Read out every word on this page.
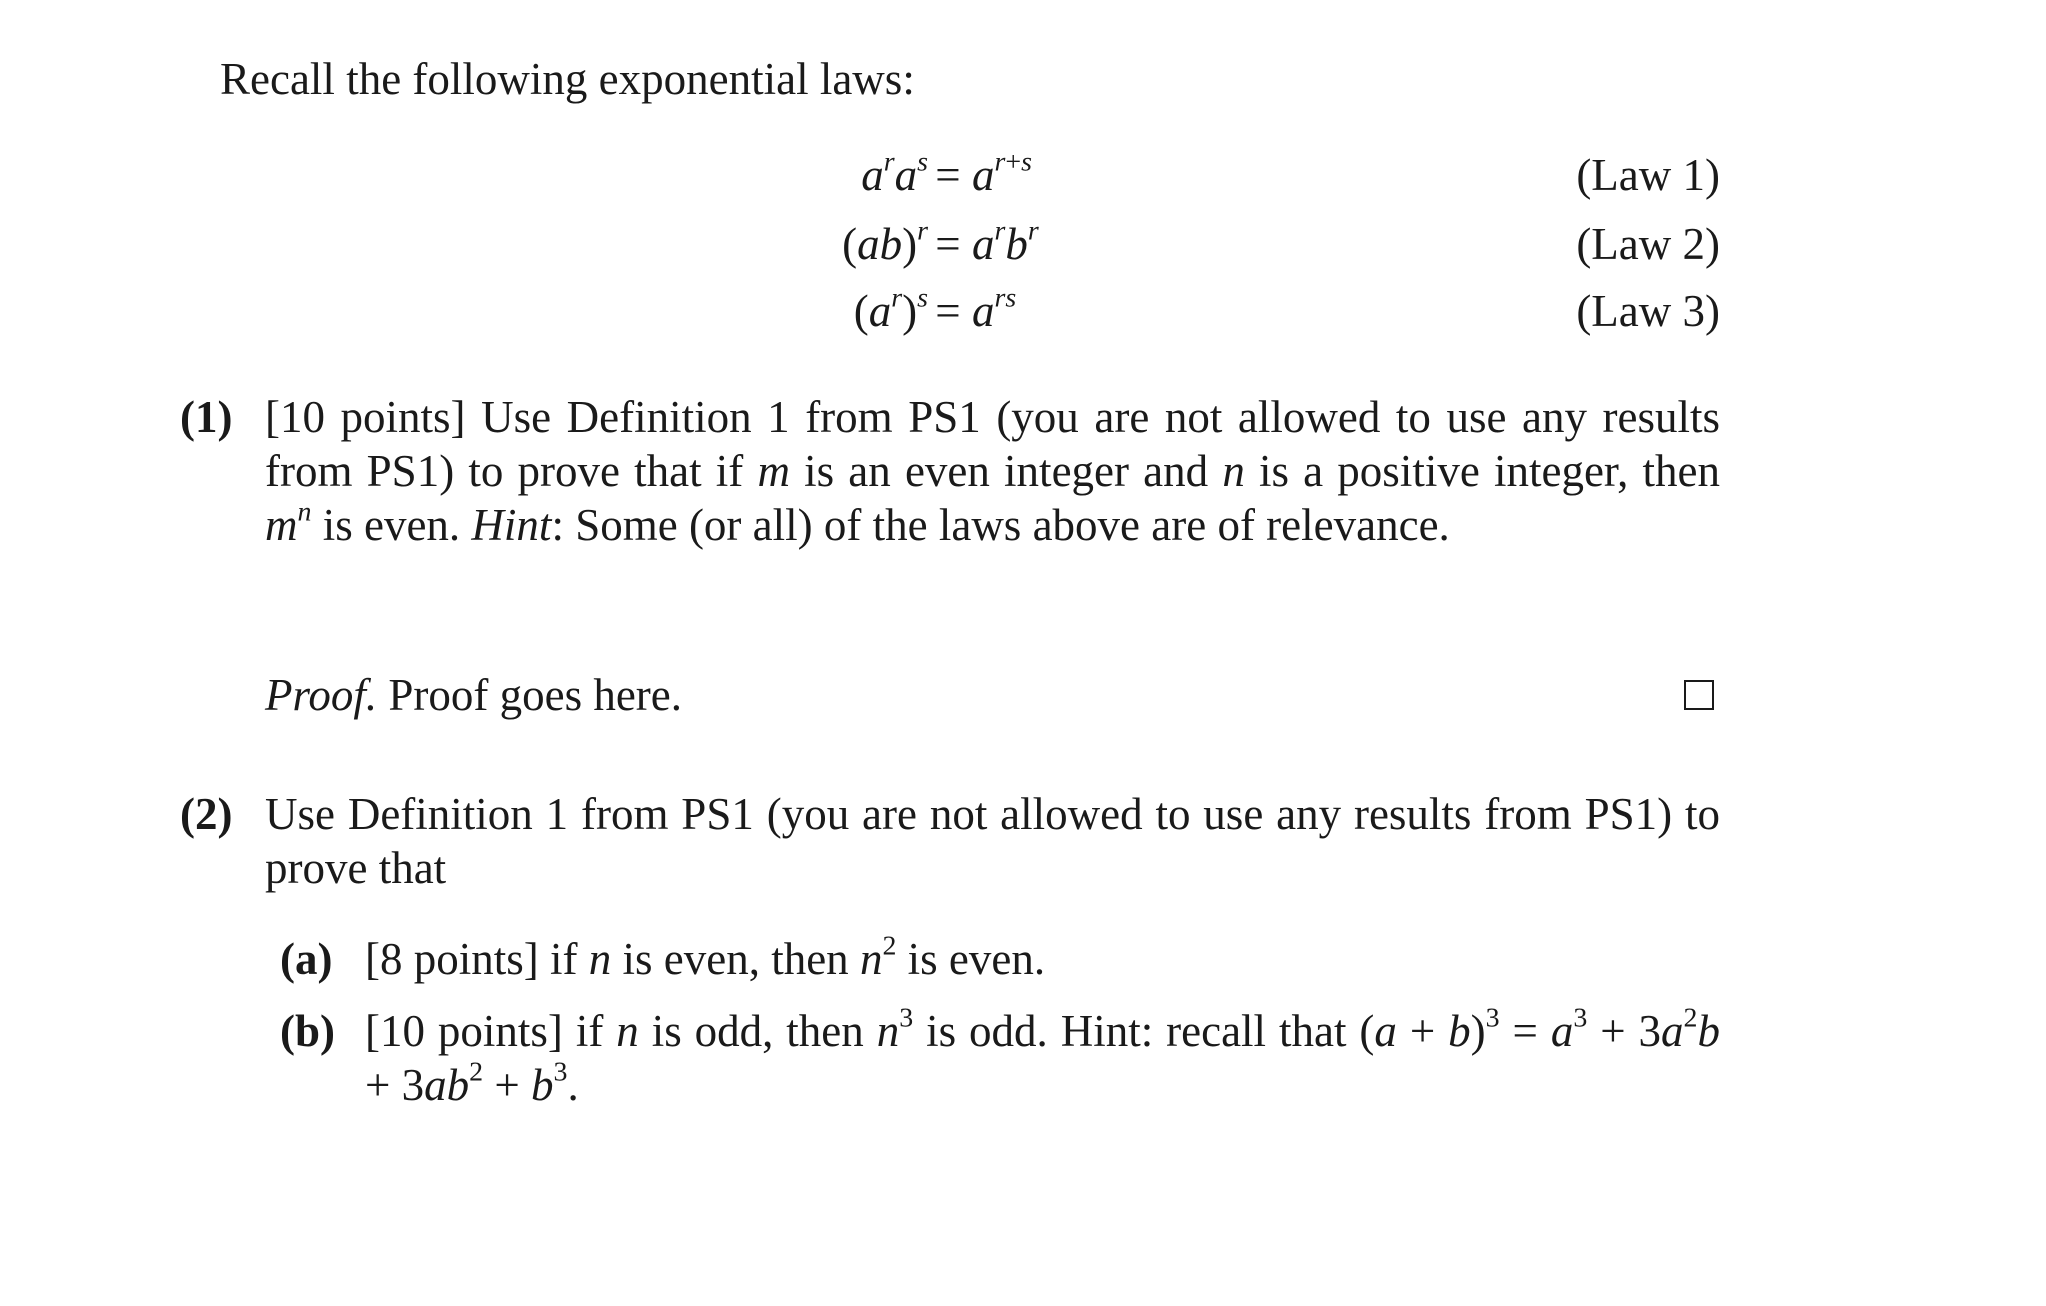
Recall the following exponential laws:
$a^ra^s = a^{r+s}$	(Law 1)
$(ab)^r = a^rb^r$	(Law 2)
$(a^r)^s = a^{rs}$	(Law 3)
(1) [10 points] Use Definition 1 from PS1 (you are not allowed to use any results from PS1) to prove that if m is an even integer and n is a positive integer, then $m^n$ is even. Hint: Some (or all) of the laws above are of relevance.
Proof. Proof goes here.
(2) Use Definition 1 from PS1 (you are not allowed to use any results from PS1) to prove that
(a) [8 points] if n is even, then $n^2$ is even.
(b) [10 points] if n is odd, then $n^3$ is odd. Hint: recall that $(a + b)^3 = a^3 + 3a^2b + 3ab^2 + b^3$.
